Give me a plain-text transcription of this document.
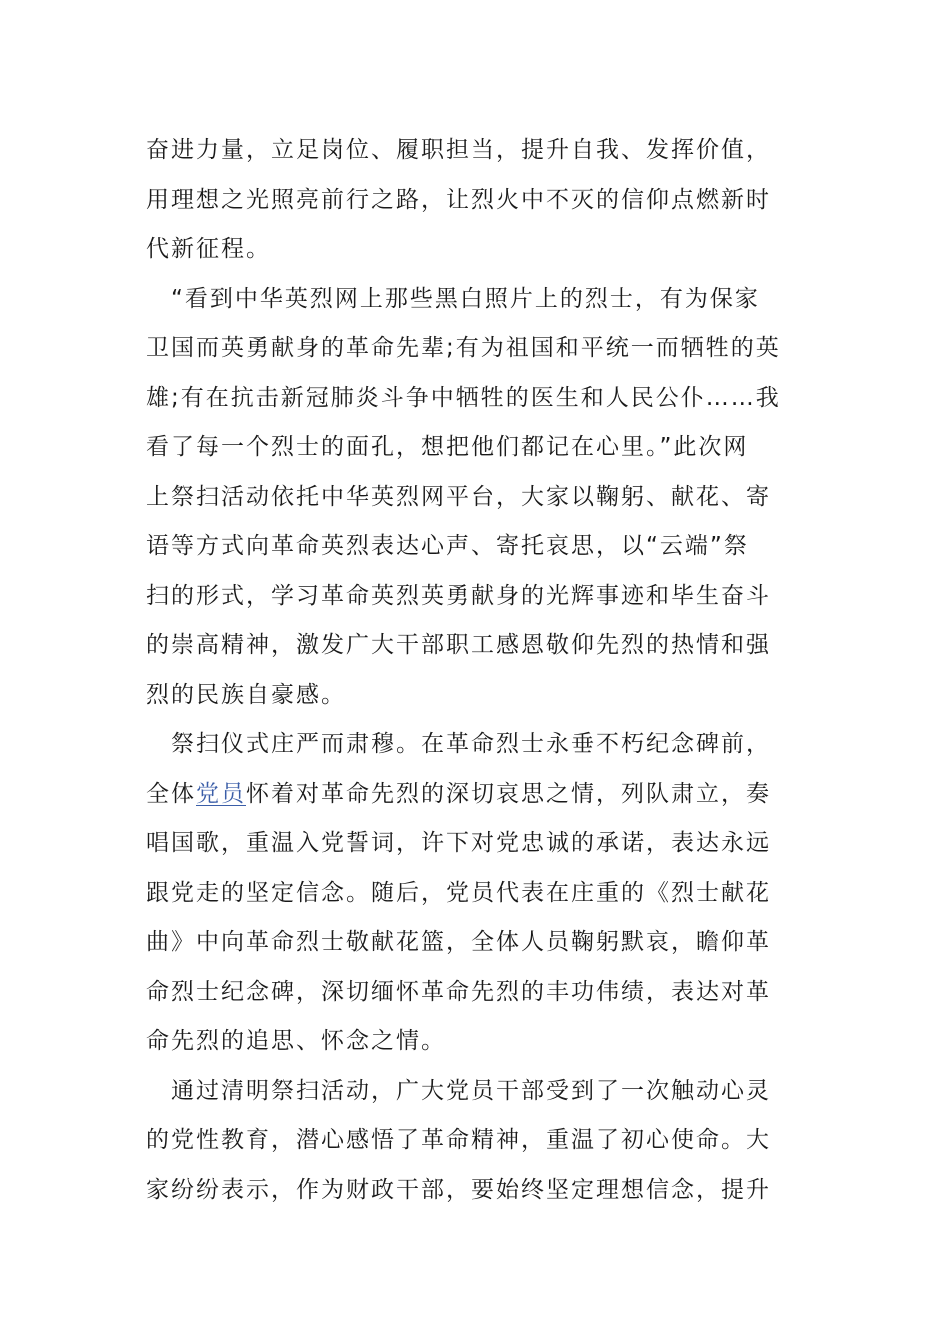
奋进力量，立足岗位、履职担当，提升自我、发挥价值，
用理想之光照亮前行之路，让烈火中不灭的信仰点燃新时
代新征程。
　“看到中华英烈网上那些黑白照片上的烈士，有为保家
卫国而英勇献身的革命先辈;有为祖国和平统一而牺牲的英
雄;有在抗击新冠肺炎斗争中牺牲的医生和人民公仆……我
看了每一个烈士的面孔，想把他们都记在心里。”此次网
上祭扫活动依托中华英烈网平台，大家以鞠躬、献花、寄
语等方式向革命英烈表达心声、寄托哀思，以“云端”祭
扫的形式，学习革命英烈英勇献身的光辉事迹和毕生奋斗
的崇高精神，激发广大干部职工感恩敬仰先烈的热情和强
烈的民族自豪感。
　祭扫仪式庄严而肃穆。在革命烈士永垂不朽纪念碑前，
全体党员怀着对革命先烈的深切哀思之情，列队肃立，奏
唱国歌，重温入党誓词，许下对党忠诚的承诺，表达永远
跟党走的坚定信念。随后，党员代表在庄重的《烈士献花
曲》中向革命烈士敬献花篮，全体人员鞠躬默哀，瞻仰革
命烈士纪念碑，深切缅怀革命先烈的丰功伟绩，表达对革
命先烈的追思、怀念之情。
　通过清明祭扫活动，广大党员干部受到了一次触动心灵
的党性教育，潜心感悟了革命精神，重温了初心使命。大
家纷纷表示，作为财政干部，要始终坚定理想信念，提升
